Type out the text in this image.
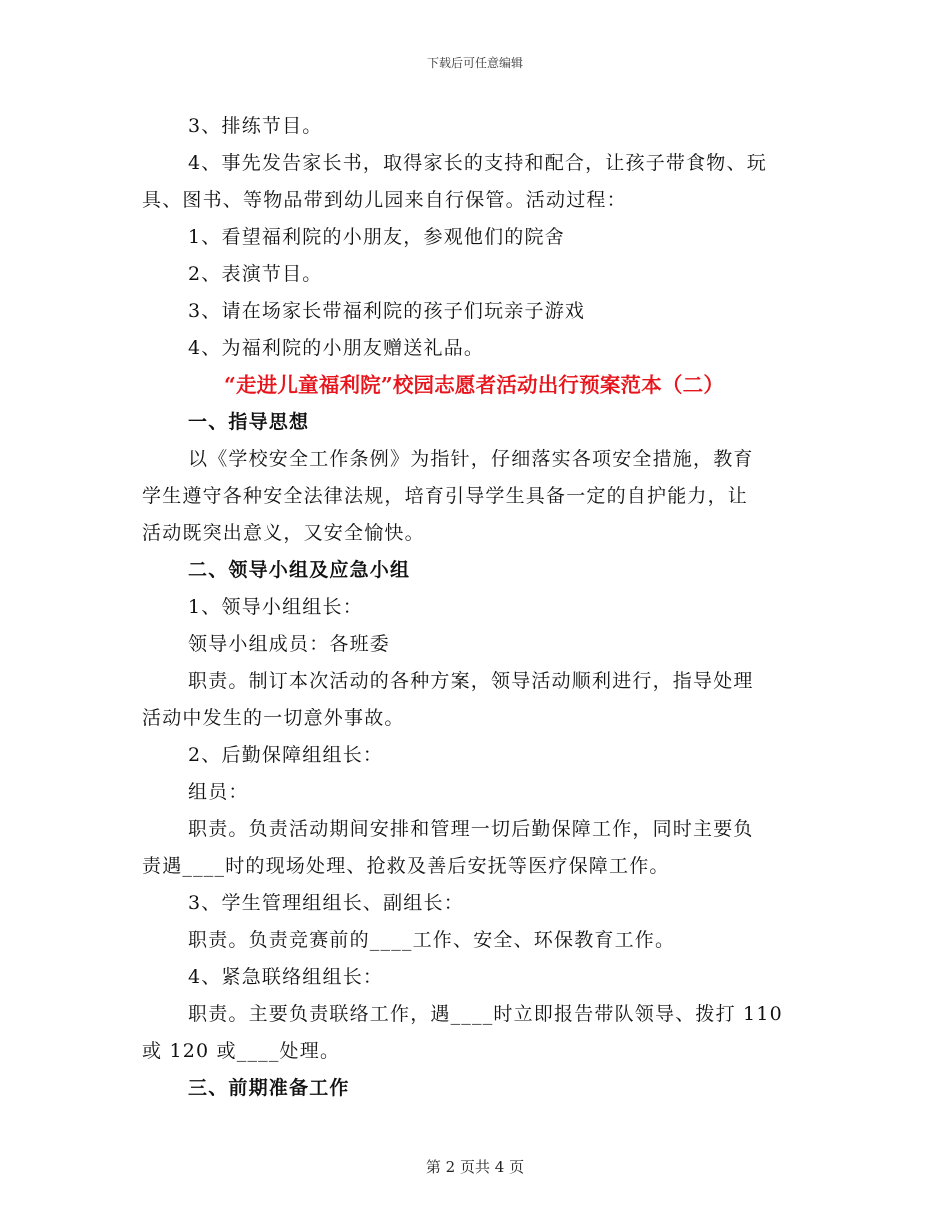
下载后可任意编辑
3、排练节目。
4、事先发告家长书，取得家长的支持和配合，让孩子带食物、玩
具、图书、等物品带到幼儿园来自行保管。活动过程：
1、看望福利院的小朋友，参观他们的院舍
2、表演节目。
3、请在场家长带福利院的孩子们玩亲子游戏
4、为福利院的小朋友赠送礼品。
“走进儿童福利院”校园志愿者活动出行预案范本（二）
一、指导思想
以《学校安全工作条例》为指针，仔细落实各项安全措施，教育
学生遵守各种安全法律法规，培育引导学生具备一定的自护能力，让
活动既突出意义，又安全愉快。
二、领导小组及应急小组
1、领导小组组长：
领导小组成员：各班委
职责。制订本次活动的各种方案，领导活动顺利进行，指导处理
活动中发生的一切意外事故。
2、后勤保障组组长：
组员：
职责。负责活动期间安排和管理一切后勤保障工作，同时主要负
责遇____时的现场处理、抢救及善后安抚等医疗保障工作。
3、学生管理组组长、副组长：
职责。负责竞赛前的____工作、安全、环保教育工作。
4、紧急联络组组长：
职责。主要负责联络工作，遇____时立即报告带队领导、拨打 110
或 120 或____处理。
三、前期准备工作
第 2 页共 4 页
